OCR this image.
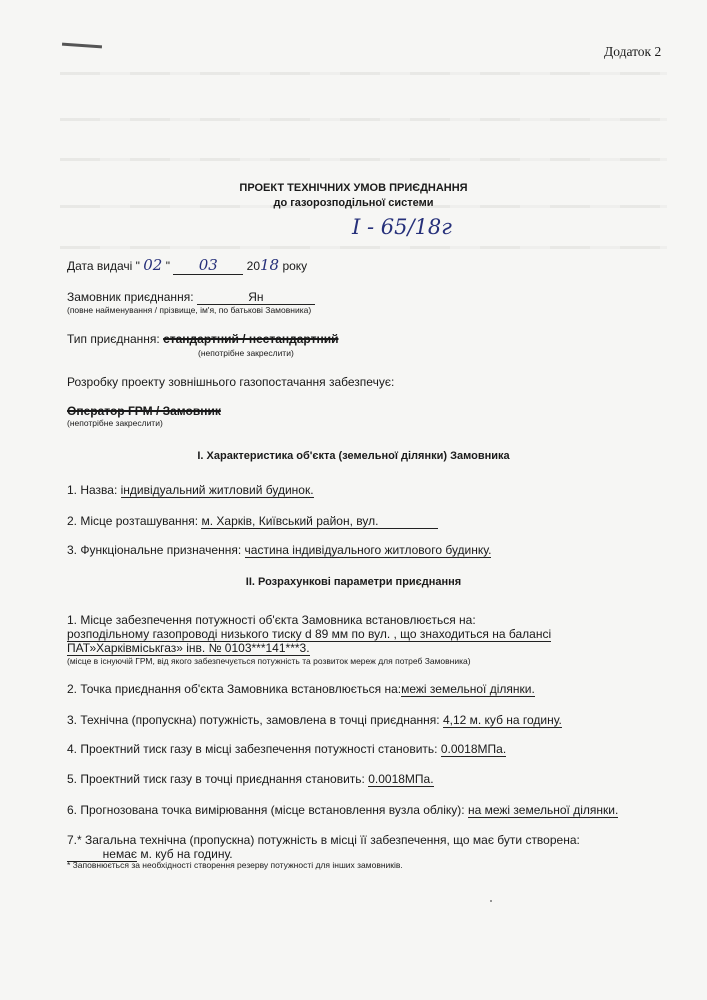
Додаток 2
ПРОЕКТ ТЕХНІЧНИХ УМОВ ПРИЄДНАННЯ
до газорозподільної системи
I - 65/18г
Дата видачі " 02 " 03 2018 року
Замовник приєднання:	Ян
(повне найменування / прізвище, ім'я, по батькові Замовника)
Тип приєднання: стандартний / нестандартний
(непотрібне закреслити)
Розробку проекту зовнішнього газопостачання забезпечує:
Оператор ГРМ / Замовник
(непотрібне закреслити)
I. Характеристика об'єкта (земельної ділянки) Замовника
1. Назва: індивідуальний житловий будинок.
2. Місце розташування: м. Харків, Київський район, вул.
3. Функціональне призначення: частина індивідуального житлового будинку.
II. Розрахункові параметри приєднання
1. Місце забезпечення потужності об'єкта Замовника встановлюється на:
розподільному газопроводі низького тиску d 89 мм по вул. , що знаходиться на балансі
ПАТ»Харківміськгаз» інв. № 0103***141***3.
(місце в існуючій ГРМ, від якого забезпечується потужність та розвиток мереж для потреб Замовника)
2. Точка приєднання об'єкта Замовника встановлюється на:межі земельної ділянки.
3. Технічна (пропускна) потужність, замовлена в точці приєднання: 4,12 м. куб на годину.
4. Проектний тиск газу в місці забезпечення потужності становить: 0.0018МПа.
5. Проектний тиск газу в точці приєднання становить: 0.0018МПа.
6. Прогнозована точка вимірювання (місце встановлення вузла обліку): на межі земельної ділянки.
7.* Загальна технічна (пропускна) потужність в місці її забезпечення, що має бути створена:
немає м. куб на годину.
* Заповнюється за необхідності створення резерву потужності для інших замовників.
